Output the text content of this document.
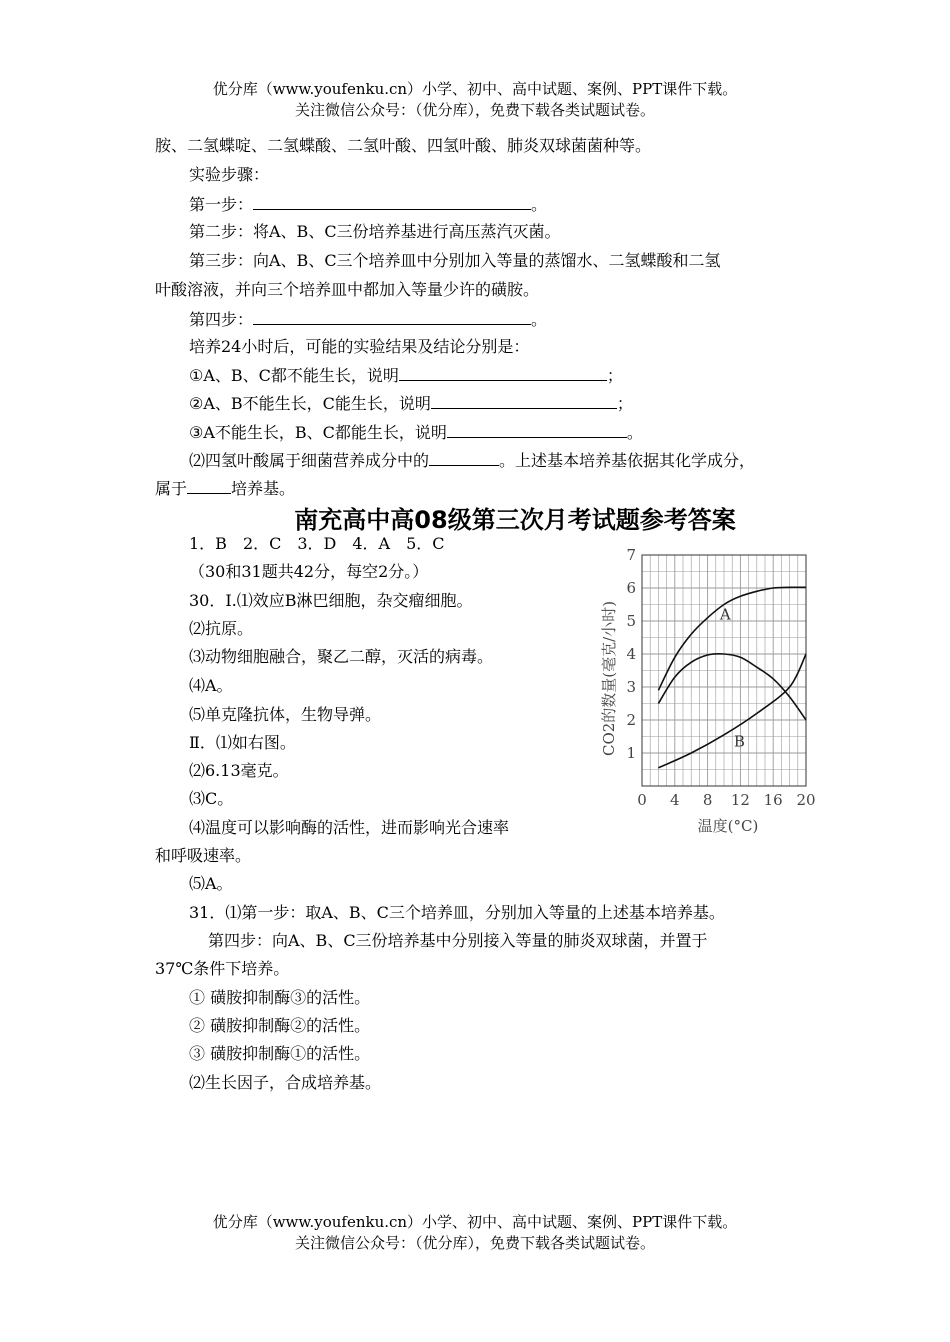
优分库（www.youfenku.cn）小学、初中、高中试题、案例、PPT课件下载。
关注微信公众号：（优分库），免费下载各类试题试卷。
胺、二氢蝶啶、二氢蝶酸、二氢叶酸、四氢叶酸、肺炎双球菌菌种等。
实验步骤：
第一步：	。
第二步：将A、B、C三份培养基进行高压蒸汽灭菌。
第三步：向A、B、C三个培养皿中分别加入等量的蒸馏水、二氢蝶酸和二氢
叶酸溶液，并向三个培养皿中都加入等量少许的磺胺。
第四步：	。
培养24小时后，可能的实验结果及结论分别是：
①A、B、C都不能生长，说明	；
②A、B不能生长，C能生长，说明	；
③A不能生长，B、C都能生长，说明	。
⑵四氢叶酸属于细菌营养成分中的	。上述基本培养基依据其化学成分，
属于	培养基。
南充高中高08级第三次月考试题参考答案
1．B　2．C　3．D　4．A　5．C
（30和31题共42分，每空2分。）
30．Ⅰ.⑴效应B淋巴细胞，杂交瘤细胞。
⑵抗原。
⑶动物细胞融合，聚乙二醇，灭活的病毒。
⑷A。
⑸单克隆抗体，生物导弹。
Ⅱ．⑴如右图。
⑵6.13毫克。
⑶C。
⑷温度可以影响酶的活性，进而影响光合速率
和呼吸速率。
⑸A。
31．⑴第一步：取A、B、C三个培养皿，分别加入等量的上述基本培养基。
第四步：向A、B、C三份培养基中分别接入等量的肺炎双球菌，并置于
37℃条件下培养。
① 磺胺抑制酶③的活性。
② 磺胺抑制酶②的活性。
③ 磺胺抑制酶①的活性。
⑵生长因子，合成培养基。
0 4 8 12 16 20
1
2
3
4
5
6
7
温度(°C)
CO2的数量(毫克/小时)	A
B
优分库（www.youfenku.cn）小学、初中、高中试题、案例、PPT课件下载。
关注微信公众号：（优分库），免费下载各类试题试卷。
